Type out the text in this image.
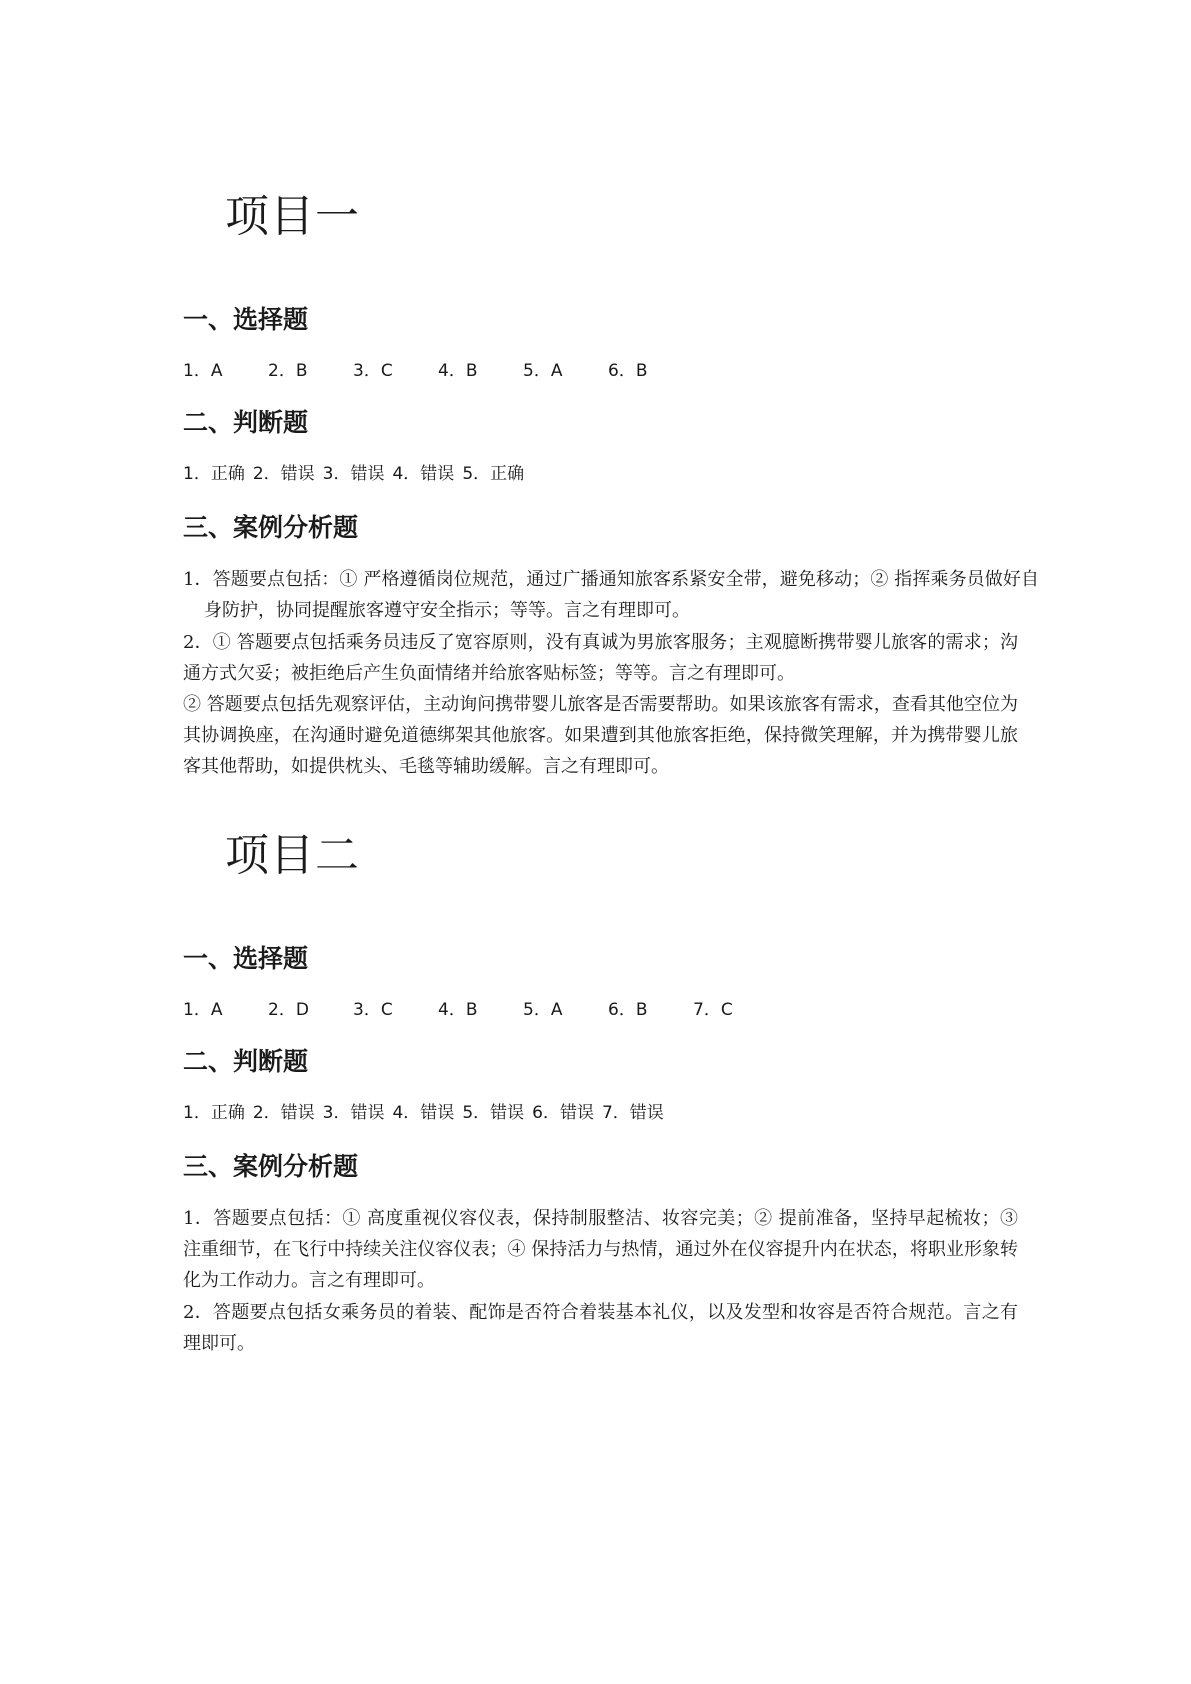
项目一
一、选择题
1．A	2．B	3．C	4．B	5．A	6．B
二、判断题
1．正确 2．错误 3．错误 4．错误 5．正确
三、案例分析题

1．答题要点包括：① 严格遵循岗位规范，通过广播通知旅客系紧安全带，避免移动；② 指挥乘务员做好自身防护，协同提醒旅客遵守安全指示；等等。言之有理即可。

2．① 答题要点包括乘务员违反了宽容原则，没有真诚为男旅客服务；主观臆断携带婴儿旅客的需求；沟通方式欠妥；被拒绝后产生负面情绪并给旅客贴标签；等等。言之有理即可。

② 答题要点包括先观察评估，主动询问携带婴儿旅客是否需要帮助。如果该旅客有需求，查看其他空位为其协调换座，在沟通时避免道德绑架其他旅客。如果遭到其他旅客拒绝，保持微笑理解，并为携带婴儿旅客其他帮助，如提供枕头、毛毯等辅助缓解。言之有理即可。

项目二
一、选择题
1．A	2．D	3．C	4．B	5．A	6．B	7．C
二、判断题
1．正确 2．错误 3．错误 4．错误 5．错误 6．错误 7．错误
三、案例分析题

1．答题要点包括：① 高度重视仪容仪表，保持制服整洁、妆容完美；② 提前准备，坚持早起梳妆；③ 注重细节，在飞行中持续关注仪容仪表；④ 保持活力与热情，通过外在仪容提升内在状态，将职业形象转化为工作动力。言之有理即可。

2．答题要点包括女乘务员的着装、配饰是否符合着装基本礼仪，以及发型和妆容是否符合规范。言之有理即可。
